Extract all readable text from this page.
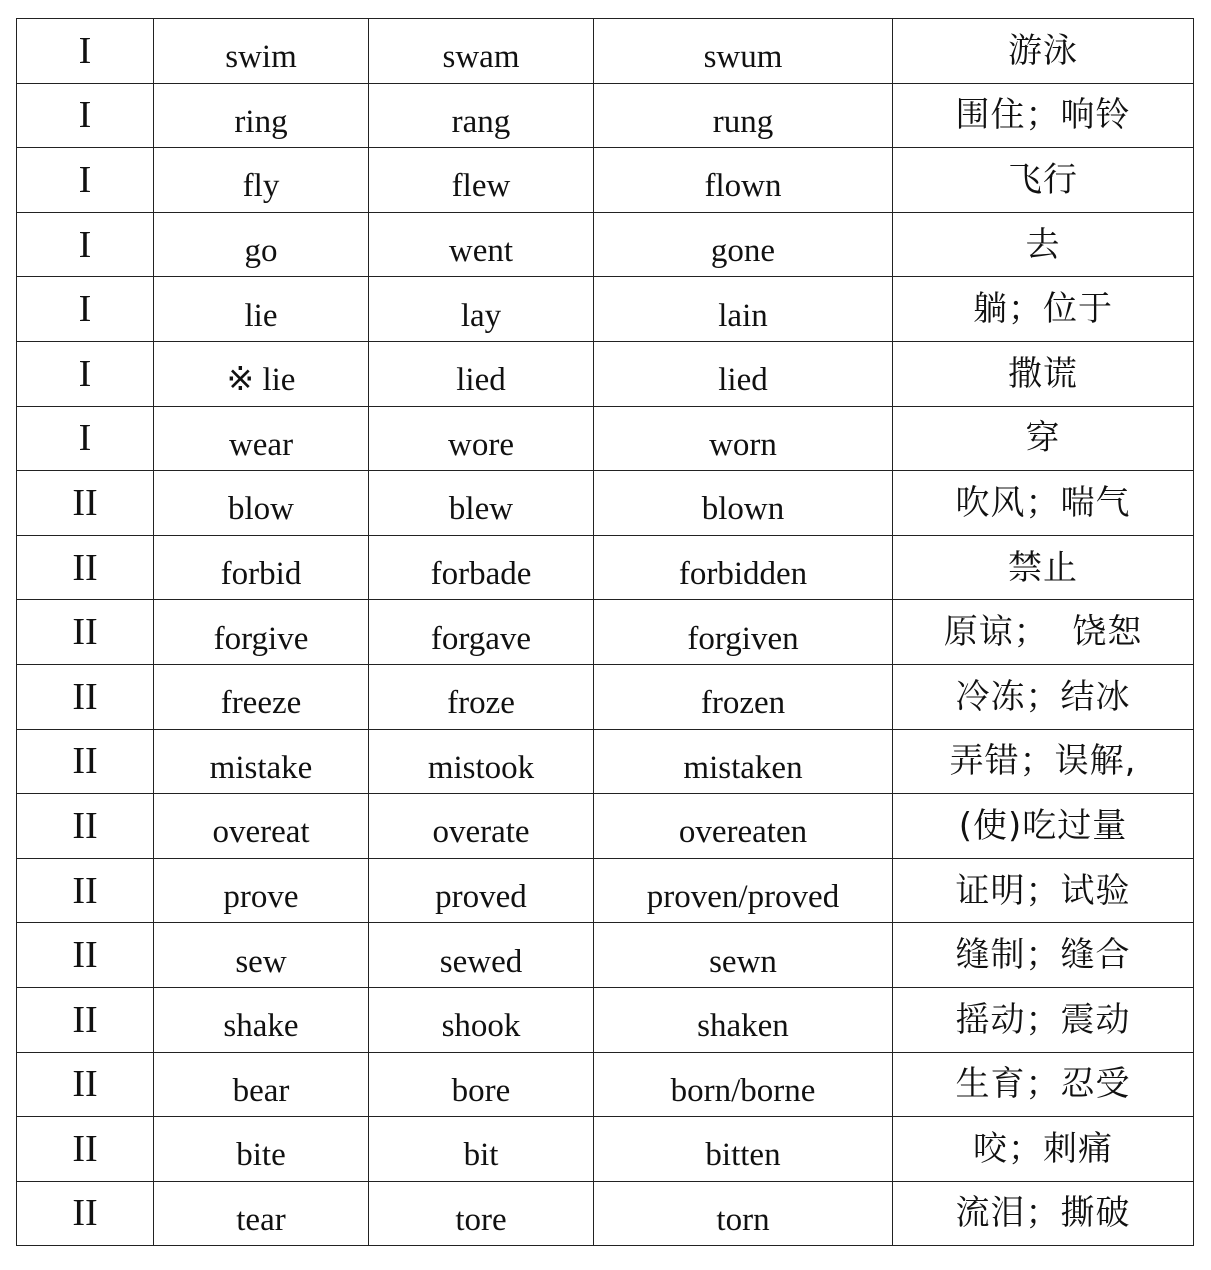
I	swim	swam	swum	游泳
I	ring	rang	rung	围住；响铃
I	fly	flew	flown	飞行
I	go	went	gone	去
I	lie	lay	lain	躺；位于
I	※ lie	lied	lied	撒谎
I	wear	wore	worn	穿
II	blow	blew	blown	吹风；喘气
II	forbid	forbade	forbidden	禁止
II	forgive	forgave	forgiven	原谅；  饶恕
II	freeze	froze	frozen	冷冻；结冰
II	mistake	mistook	mistaken	弄错；误解,
II	overeat	overate	overeaten	(使)吃过量
II	prove	proved	proven/proved	证明；试验
II	sew	sewed	sewn	缝制；缝合
II	shake	shook	shaken	摇动；震动
II	bear	bore	born/borne	生育；忍受
II	bite	bit	bitten	咬；刺痛
II	tear	tore	torn	流泪；撕破
